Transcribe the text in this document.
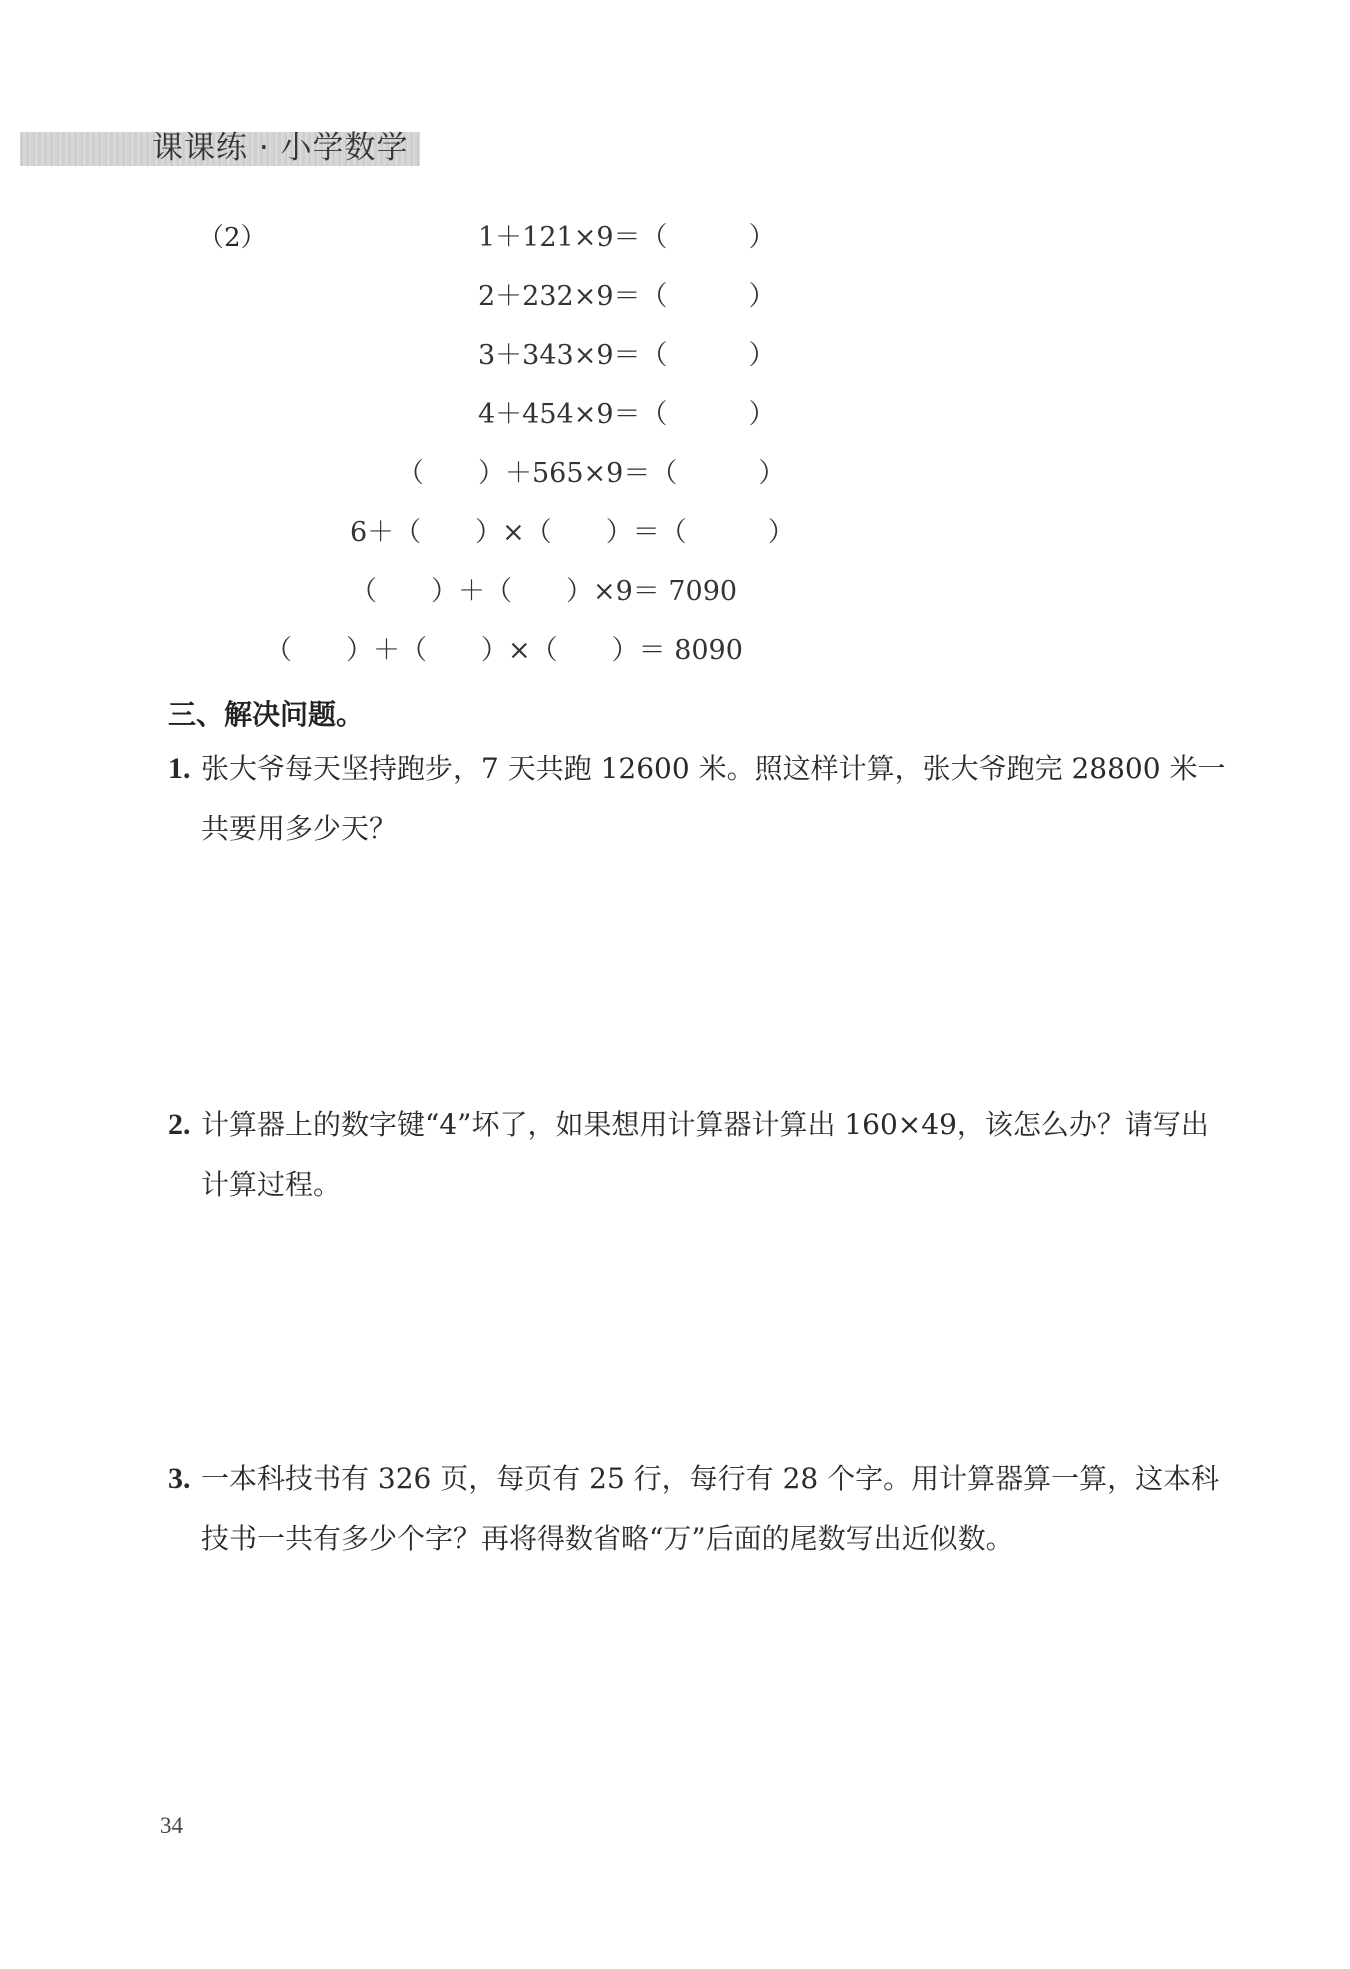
课课练 · 小学数学
（2）	1＋121×9＝（　　　）
2＋232×9＝（　　　）
3＋343×9＝（　　　）
4＋454×9＝（　　　）
（　　）＋565×9＝（　　　）
6＋（　　）×（　　）＝（　　　）
（　　）＋（　　）×9＝ 7090
（　　）＋（　　）×（　　）＝ 8090
三、解决问题。
1. 张大爷每天坚持跑步，7 天共跑 12600 米。照这样计算，张大爷跑完 28800 米一共要用多少天？
2. 计算器上的数字键“4”坏了，如果想用计算器计算出 160×49，该怎么办？请写出计算过程。
3. 一本科技书有 326 页，每页有 25 行，每行有 28 个字。用计算器算一算，这本科技书一共有多少个字？再将得数省略“万”后面的尾数写出近似数。
34
